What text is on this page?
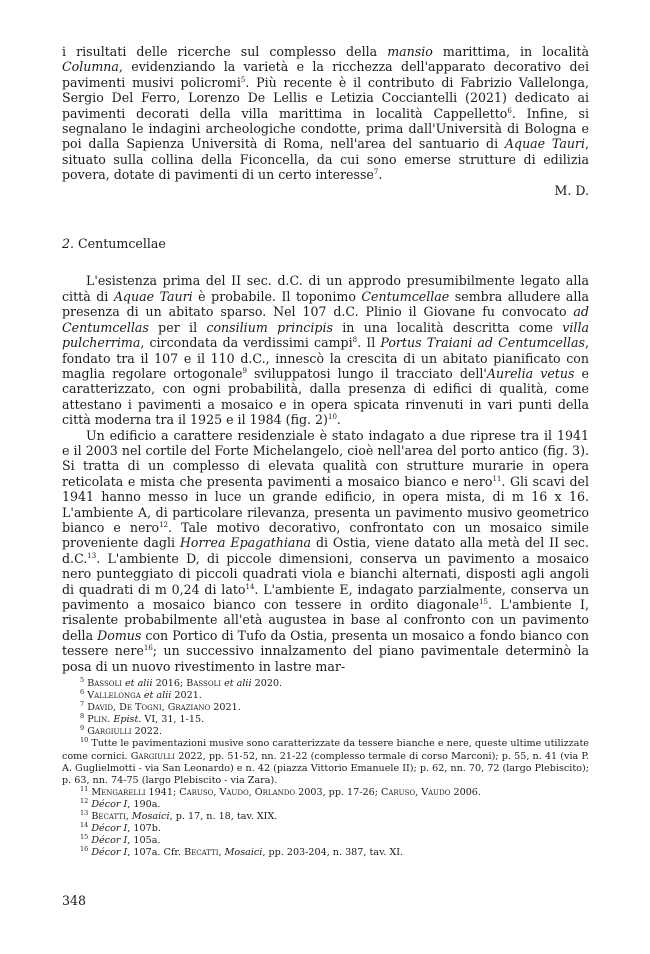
i risultati delle ricerche sul complesso della mansio marittima, in località Columna, evidenziando la varietà e la ricchezza dell'apparato decorativo dei pavimenti musivi policromi$^5$. Più recente è il contributo di Fabrizio Vallelonga, Sergio Del Ferro, Lorenzo De Lellis e Letizia Cocciantelli (2021) dedicato ai pavimenti decorati della villa marittima in località Cappelletto$^6$. Infine, si segnalano le indagini archeologiche condotte, prima dall'Università di Bologna e poi dalla Sapienza Università di Roma, nell'area del santuario di Aquae Tauri, situato sulla collina della Ficoncella, da cui sono emerse strutture di edilizia povera, dotate di pavimenti di un certo interesse$^7$.

M. D.

2. Centumcellae

L'esistenza prima del II sec. d.C. di un approdo presumibilmente legato alla città di Aquae Tauri è probabile. Il toponimo Centumcellae sembra alludere alla presenza di un abitato sparso. Nel 107 d.C. Plinio il Giovane fu convocato ad Centumcellas per il consilium principis in una località descritta come villa pulcherrima, circondata da verdissimi campi$^8$. Il Portus Traiani ad Centumcellas, fondato tra il 107 e il 110 d.C., innescò la crescita di un abitato pianificato con maglia regolare ortogonale$^9$ sviluppatosi lungo il tracciato dell'Aurelia vetus e caratterizzato, con ogni probabilità, dalla presenza di edifici di qualità, come attestano i pavimenti a mosaico e in opera spicata rinvenuti in vari punti della città moderna tra il 1925 e il 1984 (fig. 2)$^{10}$.

Un edificio a carattere residenziale è stato indagato a due riprese tra il 1941 e il 2003 nel cortile del Forte Michelangelo, cioè nell'area del porto antico (fig. 3). Si tratta di un complesso di elevata qualità con strutture murarie in opera reticolata e mista che presenta pavimenti a mosaico bianco e nero$^{11}$. Gli scavi del 1941 hanno messo in luce un grande edificio, in opera mista, di m 16 x 16. L'ambiente A, di particolare rilevanza, presenta un pavimento musivo geometrico bianco e nero$^{12}$. Tale motivo decorativo, confrontato con un mosaico simile proveniente dagli Horrea Epagathiana di Ostia, viene datato alla metà del II sec. d.C.$^{13}$. L'ambiente D, di piccole dimensioni, conserva un pavimento a mosaico nero punteggiato di piccoli quadrati viola e bianchi alternati, disposti agli angoli di quadrati di m 0,24 di lato$^{14}$. L'ambiente E, indagato parzialmente, conserva un pavimento a mosaico bianco con tessere in ordito diagonale$^{15}$. L'ambiente I, risalente probabilmente all'età augustea in base al confronto con un pavimento della Domus con Portico di Tufo da Ostia, presenta un mosaico a fondo bianco con tessere nere$^{16}$; un successivo innalzamento del piano pavimentale determinò la posa di un nuovo rivestimento in lastre mar-

$^5$ Bassoli et alii 2016; Bassoli et alii 2020.

$^6$ Vallelonga et alii 2021.

$^7$ David, De Togni, Graziano 2021.

$^8$ Plin. Epist. VI, 31, 1-15.

$^9$ Gargiulli 2022.

$^{10}$ Tutte le pavimentazioni musive sono caratterizzate da tessere bianche e nere, queste ultime utilizzate come cornici. Gargiulli 2022, pp. 51-52, nn. 21-22 (complesso termale di corso Marconi); p. 55, n. 41 (via P. A. Guglielmotti - via San Leonardo) e n. 42 (piazza Vittorio Emanuele II); p. 62, nn. 70, 72 (largo Plebiscito); p. 63, nn. 74-75 (largo Plebiscito - via Zara).

$^{11}$ Mengarelli 1941; Caruso, Vaudo, Orlando 2003, pp. 17-26; Caruso, Vaudo 2006.

$^{12}$ Décor I, 190a.

$^{13}$ Becatti, Mosaici, p. 17, n. 18, tav. XIX.

$^{14}$ Décor I, 107b.

$^{15}$ Décor I, 105a.

$^{16}$ Décor I, 107a. Cfr. Becatti, Mosaici, pp. 203-204, n. 387, tav. XI.

348
